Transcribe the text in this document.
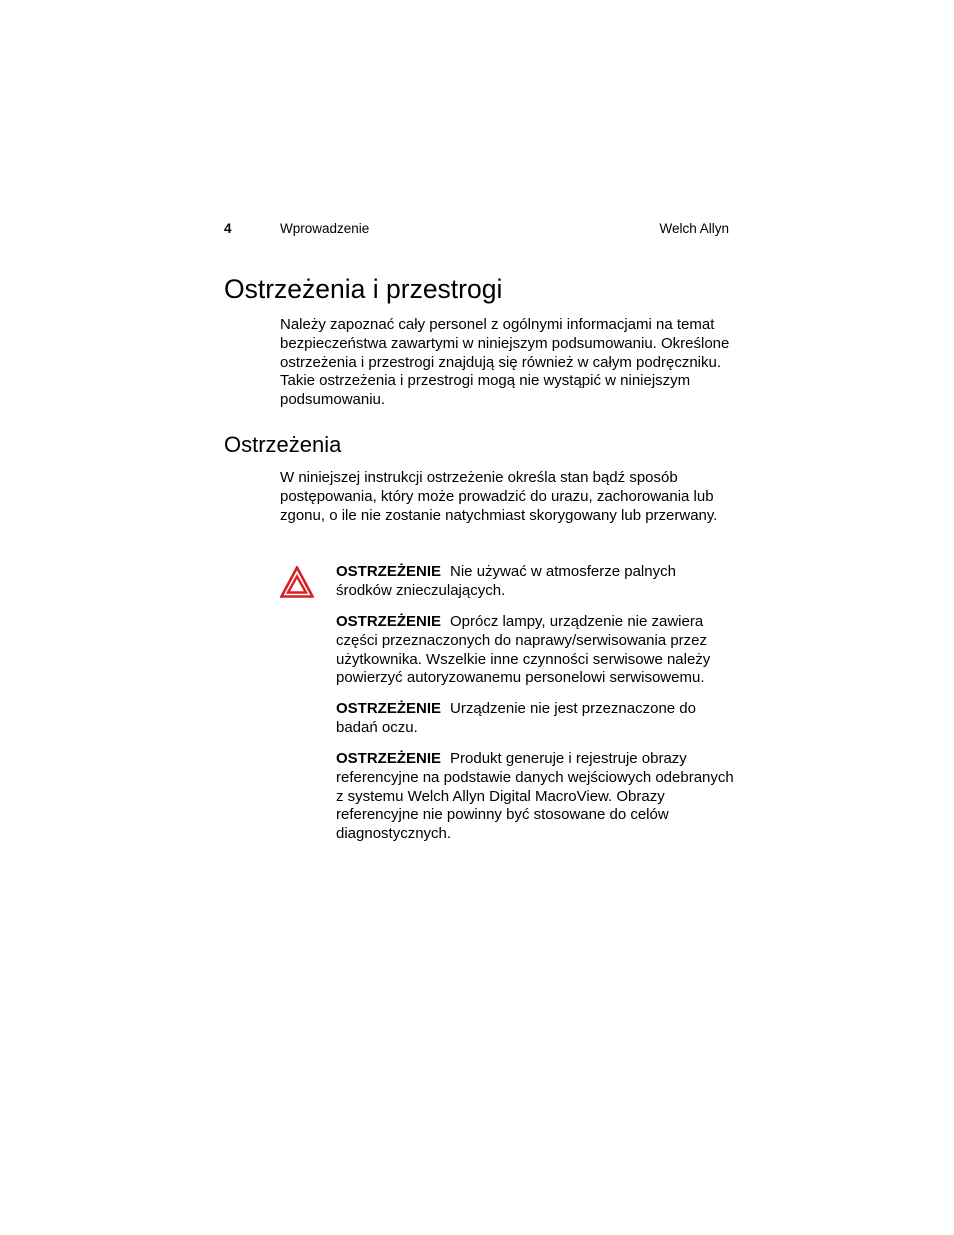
4	Wprowadzenie	Welch Allyn
Ostrzeżenia i przestrogi

Należy zapoznać cały personel z ogólnymi informacjami na temat bezpieczeństwa zawartymi w niniejszym podsumowaniu. Określone ostrzeżenia i przestrogi znajdują się również w całym podręczniku. Takie ostrzeżenia i przestrogi mogą nie wystąpić w niniejszym podsumowaniu.

Ostrzeżenia

W niniejszej instrukcji ostrzeżenie określa stan bądź sposób postępowania, który może prowadzić do urazu, zachorowania lub zgonu, o ile nie zostanie natychmiast skorygowany lub przerwany.

OSTRZEŻENIE Nie używać w atmosferze palnych środków znieczulających.

OSTRZEŻENIE Oprócz lampy, urządzenie nie zawiera części przeznaczonych do naprawy/serwisowania przez użytkownika. Wszelkie inne czynności serwisowe należy powierzyć autoryzowanemu personelowi serwisowemu.

OSTRZEŻENIE Urządzenie nie jest przeznaczone do badań oczu.

OSTRZEŻENIE Produkt generuje i rejestruje obrazy referencyjne na podstawie danych wejściowych odebranych z systemu Welch Allyn Digital MacroView. Obrazy referencyjne nie powinny być stosowane do celów diagnostycznych.
